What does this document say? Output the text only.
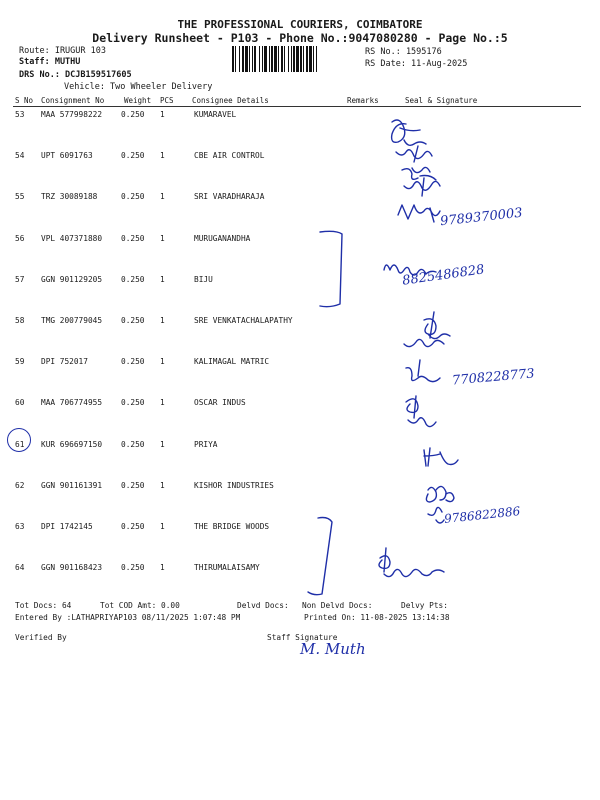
THE PROFESSIONAL COURIERS, COIMBATORE
Delivery Runsheet - P103 - Phone No.:9047080280 - Page No.:5
Route: IRUGUR 103
Staff: MUTHU
DRS No.: DCJB159517605
Vehicle: Two Wheeler Delivery
RS No.: 1595176
RS Date: 11-Aug-2025
S No Consignment No	Weight PCS Consignee Details	Remarks	Seal & Signature
53 MAA 577998222 0.250 1	KUMARAVEL
54 UPT 6091763	0.250 1	CBE AIR CONTROL
55 TRZ 30089188	0.250 1	SRI VARADHARAJA
56 VPL 407371880 0.250 1	MURUGANANDHA
57 GGN 901129205 0.250 1	BIJU
58 TMG 200779045 0.250 1	SRE VENKATACHALAPATHY
59 DPI 752017	0.250 1	KALIMAGAL MATRIC
60 MAA 706774955 0.250 1	OSCAR INDUS
61 KUR 696697150 0.250 1	PRIYA
62 GGN 901161391 0.250 1	KISHOR INDUSTRIES
63 DPI 1742145	0.250 1	THE BRIDGE WOODS
64 GGN 901168423 0.250 1	THIRUMALAISAMY
9789370003
8825486828
7708228773
9786822886
Tot Docs: 64	Tot COD Amt: 0.00	Delvd Docs: Non Delvd Docs:	Delvy Pts:
Entered By :LATHAPRIYAP103 08/11/2025 1:07:48 PM	Printed On: 11-08-2025 13:14:38
Verified By	Staff Signature
M. Muth
